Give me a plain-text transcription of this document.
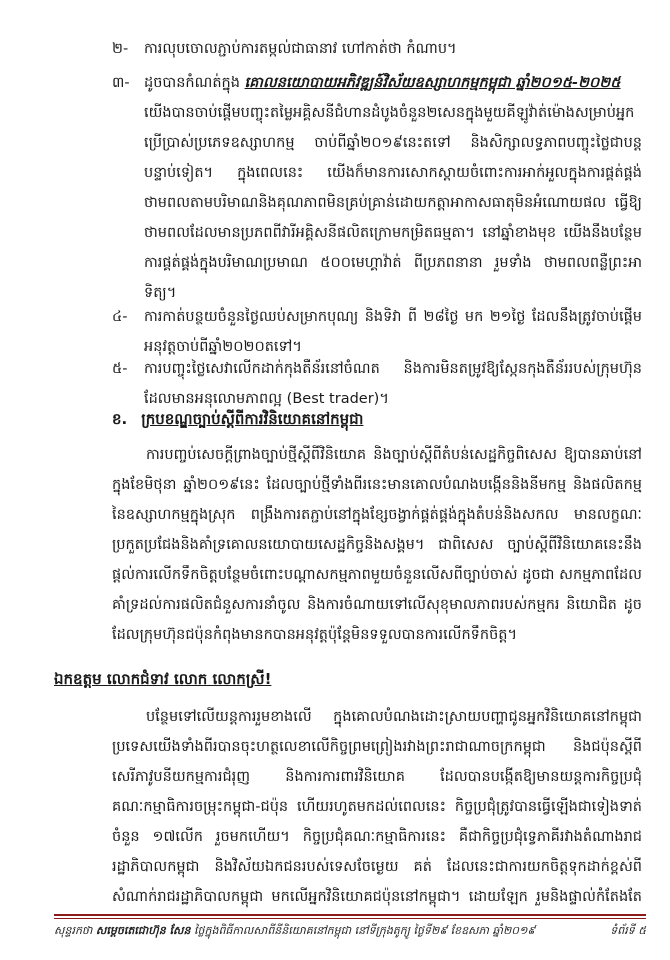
២-	ការលុបចោលភ្ជាប់ការតម្កល់ជាធានាវ ហៅកាត់ថា កំណាប។
៣- ដូចបានកំណត់ក្នុង គោលនយោបាយអភិវឌ្ឍន៍វិស័យឧស្សាហកម្មកម្ពុជា ឆ្នាំ២០១៥-២០២៥
យើងបានចាប់ផ្តើមបញ្ចុះតម្លៃអគ្គិសនីជំហានដំបូងចំនួន២សេនក្នុងមួយគីឡូវ៉ាត់ម៉ោងសម្រាប់អ្នកប្រើប្រាស់ប្រភេទឧស្សាហកម្ម ចាប់ពីឆ្នាំ២០១៩នេះតទៅ និងសិក្សាលទ្ធភាពបញ្ចុះថ្លៃជាបន្តបន្ទាប់ទៀត។ ក្នុងពេលនេះ យើងក៏មានការសោកស្ដាយចំពោះការអាក់អួលក្នុងការផ្គត់ផ្គង់ថាមពលតាមបរិមាណនិងគុណភាពមិនគ្រប់គ្រាន់ដោយកត្តាអាកាសធាតុមិនអំណោយផល ធ្វើឱ្យថាមពលដែលមានប្រភពពីវារីអគ្គិសនីផលិតក្រោមកម្រិតធម្មតា។ នៅឆ្នាំខាងមុខ យើងនឹងបន្ថែមការផ្គត់ផ្គង់ក្នុងបរិមាណប្រមាណ ៥០០មេហ្គាវ៉ាត់ ពីប្រភពនានា រួមទាំង ថាមពលពន្លឺព្រះអាទិត្យ។
៤-	ការកាត់បន្ថយចំនួនថ្ងៃឈប់សម្រាកបុណ្យ និងទិវា ពី ២៨ថ្ងៃ មក ២១ថ្ងៃ ដែលនឹងត្រូវចាប់ផ្តើមអនុវត្តចាប់ពីឆ្នាំ២០២០តទៅ។
៥-	ការបញ្ចុះថ្លៃសេវាលើកដាក់កុងតឺន័រនៅចំណត និងការមិនតម្រូវឱ្យស្កែនកុងតឺន័ររបស់ក្រុមហ៊ុនដែលមានអនុលោមភាពល្អ (Best trader)។
ខ. ក្របខណ្ឌច្បាប់ស្តីពីការវិនិយោគនៅកម្ពុជា
ការបញ្ចប់សេចក្តីព្រាងច្បាប់ថ្មីស្តីពីវិនិយោគ និងច្បាប់ស្តីពីតំបន់សេដ្ឋកិច្ចពិសេស ឱ្យបានឆាប់នៅក្នុងខែមិថុនា ឆ្នាំ២០១៩នេះ ដែលច្បាប់ថ្មីទាំងពីរនេះមានគោលបំណងបង្កើននិងនីមកម្ម និងផលិតកម្មនៃឧស្សាហកម្មក្នុងស្រុក ពង្រឹងការតភ្ជាប់នៅក្នុងខ្សែចង្វាក់ផ្គត់ផ្គង់ក្នុងតំបន់និងសកល មានលក្ខណៈប្រកួតប្រជែងនិងគាំទ្រគោលនយោបាយសេដ្ឋកិច្ចនិងសង្គម។ ជាពិសេស ច្បាប់ស្តីពីវិនិយោគនេះនឹងផ្តល់ការលើកទឹកចិត្តបន្ថែមចំពោះបណ្តាសកម្មភាពមួយចំនួនលើសពីច្បាប់ចាស់ ដូចជា សកម្មភាពដែលគាំទ្រដល់ការផលិតជំនួសការនាំចូល និងការចំណាយទៅលើសុខុមាលភាពរបស់កម្មករ និយោជិត ដូចដែលក្រុមហ៊ុនជប៉ុនកំពុងមានកបានអនុវត្តប៉ុន្តែមិនទទួលបានការលើកទឹកចិត្ត។
ឯកឧត្តម លោកជំទាវ លោក លោកស្រី!
បន្ថែមទៅលើយន្តការរួមខាងលើ ក្នុងគោលបំណងដោះស្រាយបញ្ហាជូនអ្នកវិនិយោគនៅកម្ពុជា ប្រទេសយើងទាំងពីរបានចុះហត្ថលេខាលើកិច្ចព្រមព្រៀងរវាងព្រះរាជាណាចក្រកម្ពុជា និងជប៉ុនស្តីពីសេរីភាវូបនីយកម្មការជំរុញ និងការការពារវិនិយោគ ដែលបានបង្កើតឱ្យមានយន្តការកិច្ចប្រជុំគណៈកម្មាធិការចម្រុះកម្ពុជា-ជប៉ុន ហើយរហូតមកដល់ពេលនេះ កិច្ចប្រជុំត្រូវបានធ្វើឡើងជាទៀងទាត់ចំនួន ១៧លើក រួចមកហើយ។ កិច្ចប្រជុំគណៈកម្មាធិការនេះ គឺជាកិច្ចប្រជុំទ្វេភាគីរវាងតំណាងរាជរដ្ឋាភិបាលកម្ពុជា និងវិស័យឯកជនរបស់ទេសចែម្ងេយ គត់ ដែលនេះជាការយកចិត្តទុកដាក់ខ្ពស់ពីសំណាក់រាជរដ្ឋាភិបាលកម្ពុជា មកលើអ្នកវិនិយោគជប៉ុននៅកម្ពុជា។ ដោយឡែក រួមនិងផ្ទាល់កំតែងតែ
សុន្ទរកថា សម្តេចតេជោហ៊ុន សែន ថ្លៃក្នុងពិធីកាលសាពីនីនិយោគនៅកម្ពុជា នៅទីក្រុងតូក្យូ ថ្ងៃទី២៩ ខែឧសភា ឆ្នាំ២០១៩	ទំព័រទី ៥
